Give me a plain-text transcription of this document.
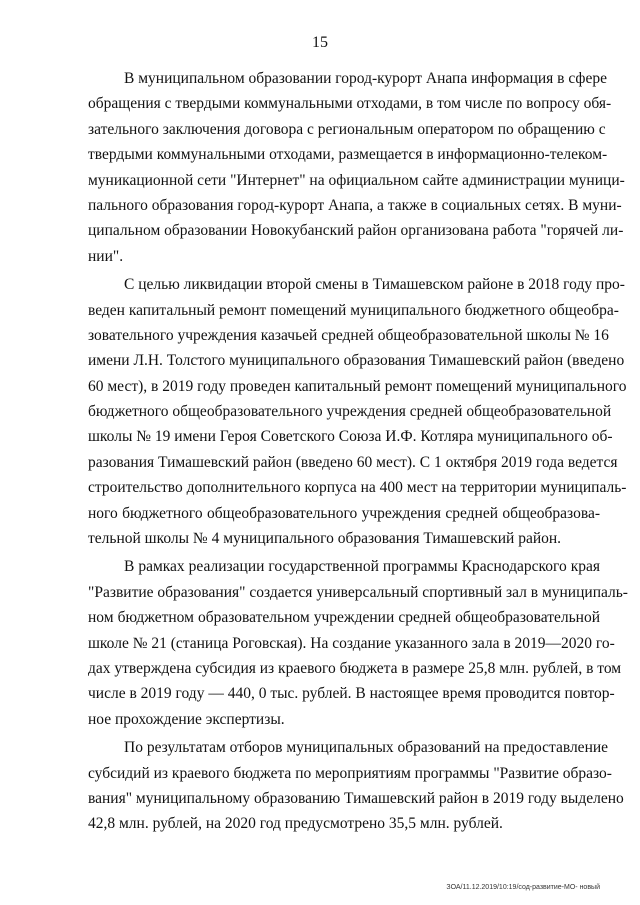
15
В муниципальном образовании город-курорт Анапа информация в сфере
обращения с твердыми коммунальными отходами, в том числе по вопросу обя-
зательного заключения договора с региональным оператором по обращению с
твердыми коммунальными отходами, размещается в информационно-телеком-
муникационной сети "Интернет" на официальном сайте администрации муници-
пального образования город-курорт Анапа, а также в социальных сетях. В муни-
ципальном образовании Новокубанский район организована работа "горячей ли-
нии".
С целью ликвидации второй смены в Тимашевском районе в 2018 году про-
веден капитальный ремонт помещений муниципального бюджетного общеобра-
зовательного учреждения казачьей средней общеобразовательной школы № 16
имени Л.Н. Толстого муниципального образования Тимашевский район (введено
60 мест), в 2019 году проведен капитальный ремонт помещений муниципального
бюджетного общеобразовательного учреждения средней общеобразовательной
школы № 19 имени Героя Советского Союза И.Ф. Котляра муниципального об-
разования Тимашевский район (введено 60 мест). С 1 октября 2019 года ведется
строительство дополнительного корпуса на 400 мест на территории муниципаль-
ного бюджетного общеобразовательного учреждения средней общеобразова-
тельной школы № 4 муниципального образования Тимашевский район.
В рамках реализации государственной программы Краснодарского края
"Развитие образования" создается универсальный спортивный зал в муниципаль-
ном бюджетном образовательном учреждении средней общеобразовательной
школе № 21 (станица Роговская). На создание указанного зала в 2019—2020 го-
дах утверждена субсидия из краевого бюджета в размере 25,8 млн. рублей, в том
числе в 2019 году — 440, 0 тыс. рублей. В настоящее время проводится повтор-
ное прохождение экспертизы.
По результатам отборов муниципальных образований на предоставление
субсидий из краевого бюджета по мероприятиям программы "Развитие образо-
вания" муниципальному образованию Тимашевский район в 2019 году выделено
42,8 млн. рублей, на 2020 год предусмотрено 35,5 млн. рублей.
ЗОА/11.12.2019/10:19/сод-развитие-МО- новый
